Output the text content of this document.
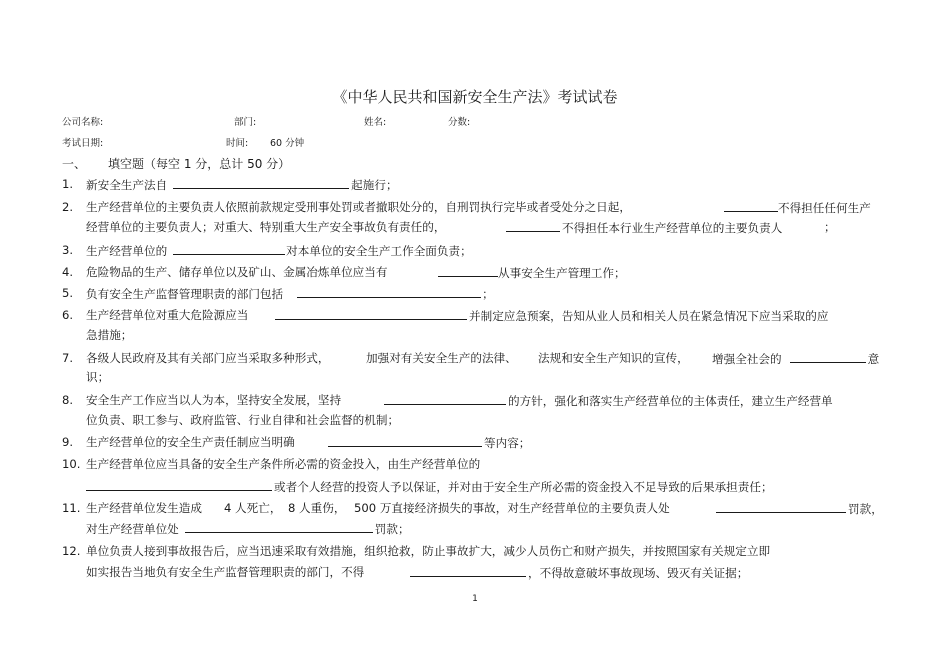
《中华人民共和国新安全生产法》考试试卷
公司名称:	部门:	姓名:	分数:
考试日期:	时间: 60 分钟
一、 填空题（每空 1 分，总计 50 分）
1. 新安全生产法自	起施行；
2. 生产经营单位的主要负责人依照前款规定受刑事处罚或者撤职处分的，自刑罚执行完毕或者受处分之日起，	不得担任任何生产
经营单位的主要负责人；对重大、特别重大生产安全事故负有责任的，	不得担任本行业生产经营单位的主要负责人	；
3. 生产经营单位的	对本单位的安全生产工作全面负责；
4. 危险物品的生产、储存单位以及矿山、金属冶炼单位应当有	从事安全生产管理工作；
5. 负有安全生产监督管理职责的部门包括	；
6. 生产经营单位对重大危险源应当	并制定应急预案，告知从业人员和相关人员在紧急情况下应当采取的应
急措施；
7. 各级人民政府及其有关部门应当采取多种形式，	加强对有关安全生产的法律、 法规和安全生产知识的宣传， 增强全社会的	意
识；
8. 安全生产工作应当以人为本，坚持安全发展，坚持	的方针，强化和落实生产经营单位的主体责任，建立生产经营单
位负责、职工参与、政府监管、行业自律和社会监督的机制；
9. 生产经营单位的安全生产责任制应当明确	等内容；
10. 生产经营单位应当具备的安全生产条件所必需的资金投入，由生产经营单位的
或者个人经营的投资人予以保证，并对由于安全生产所必需的资金投入不足导致的后果承担责任；
11. 生产经营单位发生造成 4 人死亡， 8 人重伤， 500 万直接经济损失的事故，对生产经营单位的主要负责人处	罚款，
对生产经营单位处	罚款；
12. 单位负责人接到事故报告后，应当迅速采取有效措施，组织抢救，防止事故扩大，减少人员伤亡和财产损失，并按照国家有关规定立即
如实报告当地负有安全生产监督管理职责的部门，不得	，不得故意破坏事故现场、毁灭有关证据；
1
